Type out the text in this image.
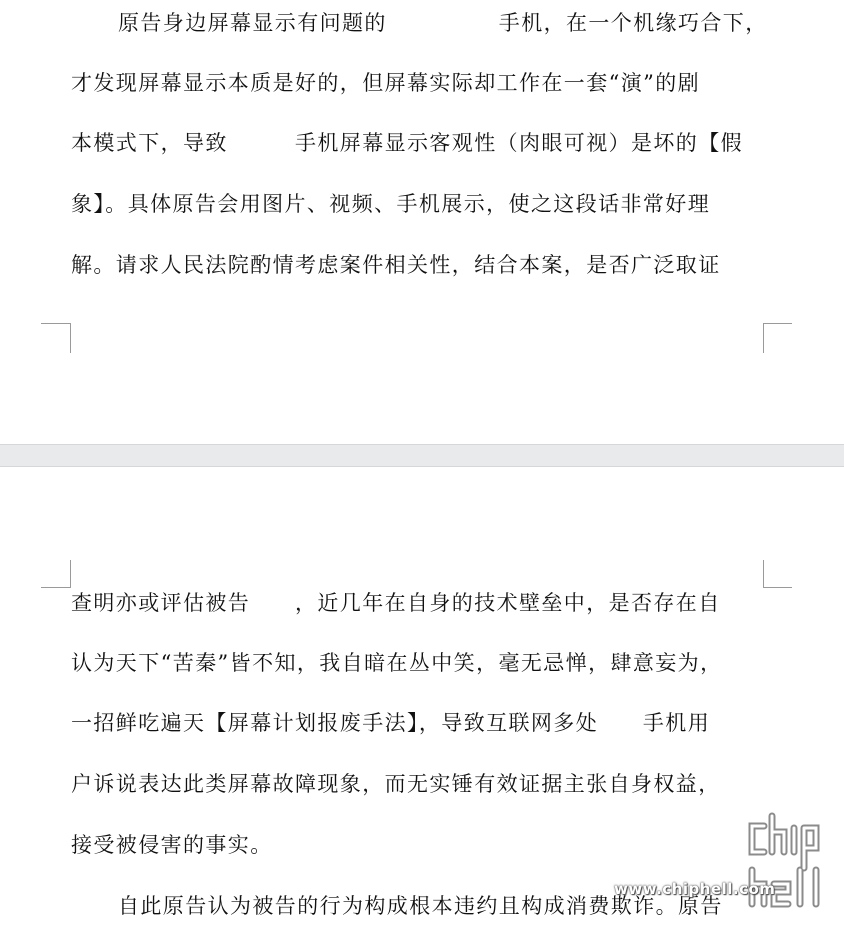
原告身边屏幕显示有问题的　　　　　手机，在一个机缘巧合下，
才发现屏幕显示本质是好的，但屏幕实际却工作在一套“演”的剧
本模式下，导致　　　手机屏幕显示客观性（肉眼可视）是坏的【假
象】。具体原告会用图片、视频、手机展示，使之这段话非常好理
解。请求人民法院酌情考虑案件相关性，结合本案，是否广泛取证
查明亦或评估被告　　，近几年在自身的技术壁垒中，是否存在自
认为天下“苦秦”皆不知，我自暗在丛中笑，毫无忌惮，肆意妄为，
一招鲜吃遍天【屏幕计划报废手法】，导致互联网多处　　手机用
户诉说表达此类屏幕故障现象，而无实锤有效证据主张自身权益，
接受被侵害的事实。
自此原告认为被告的行为构成根本违约且构成消费欺诈。原告
www.chiphell.com
